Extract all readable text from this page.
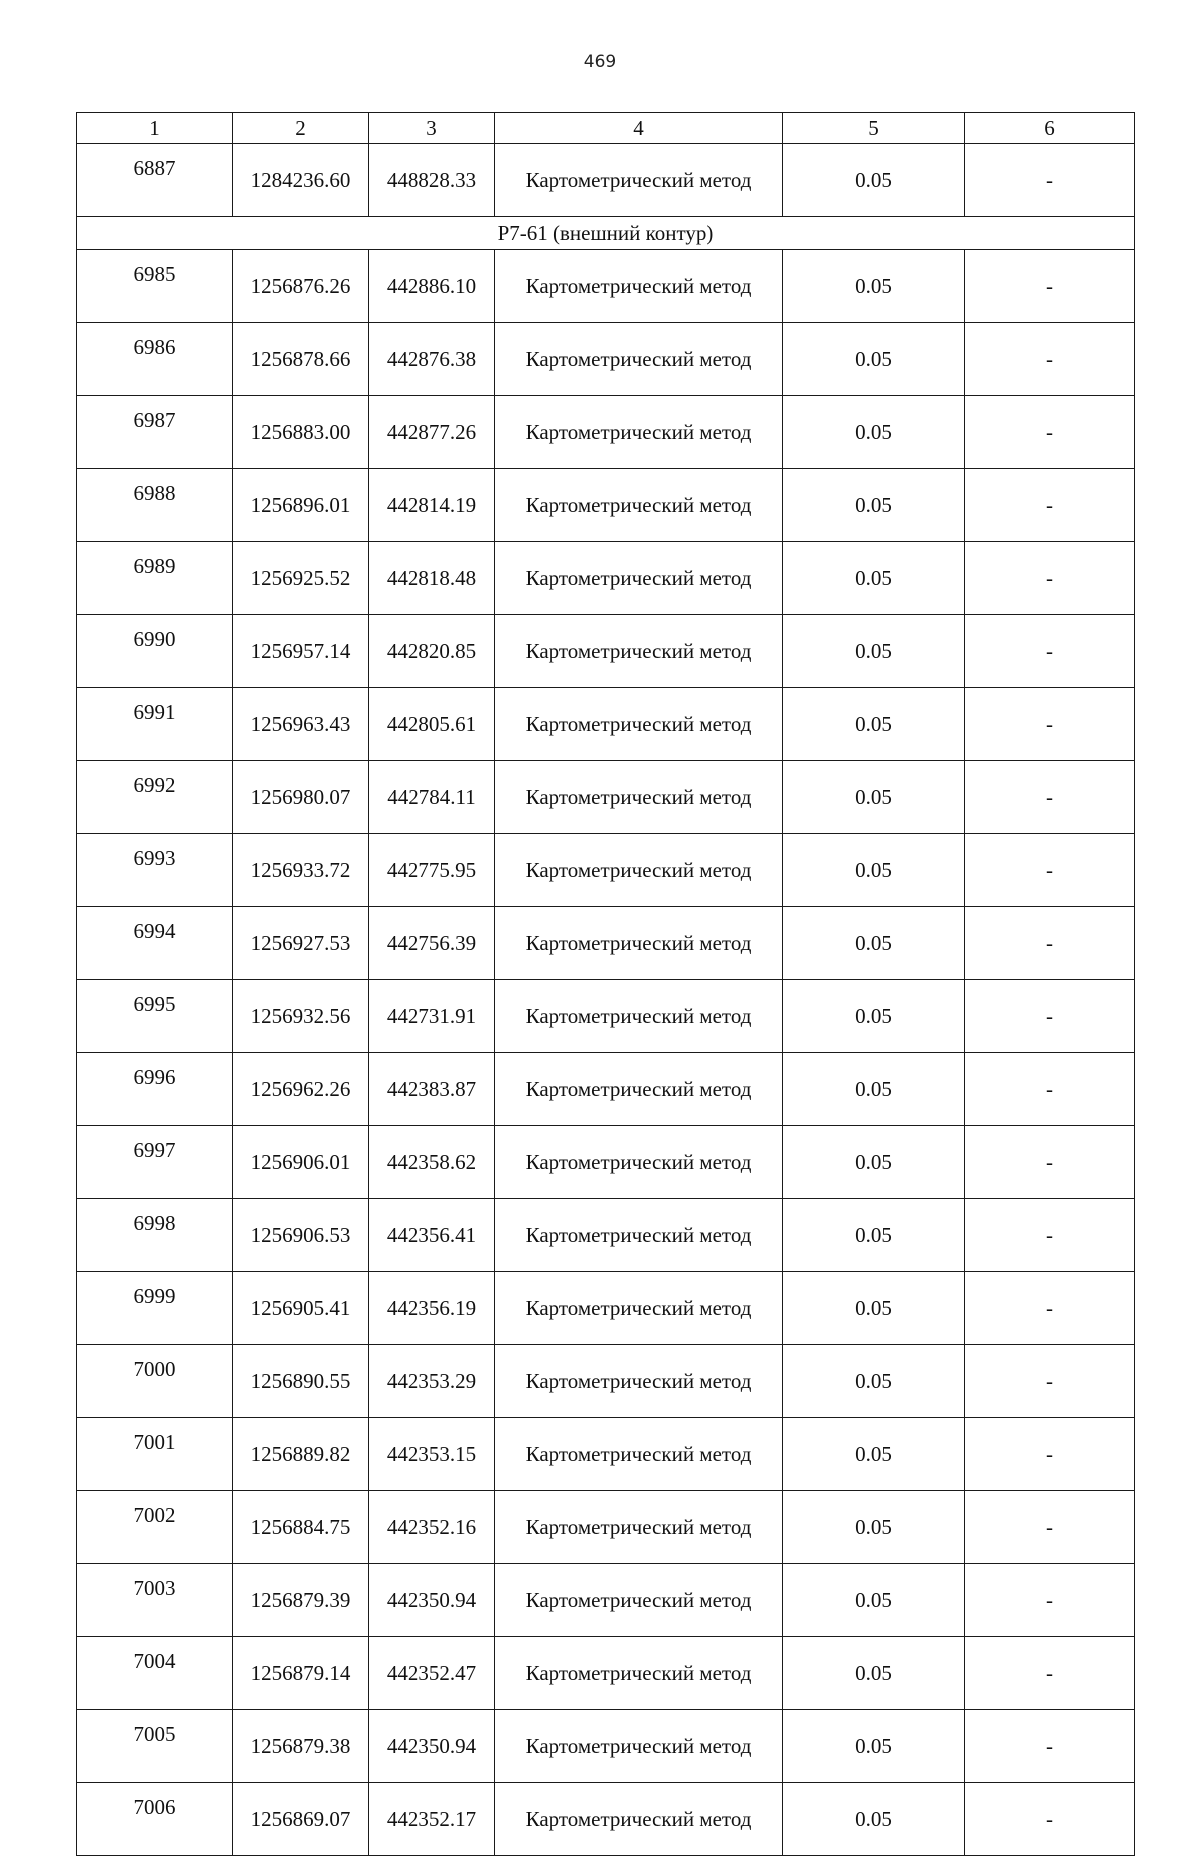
469
1	2	3	4	5	6
6887	1284236.60	448828.33	Картометрический метод	0.05	-
Р7-61 (внешний контур)					
6985	1256876.26	442886.10	Картометрический метод	0.05	-
6986	1256878.66	442876.38	Картометрический метод	0.05	-
6987	1256883.00	442877.26	Картометрический метод	0.05	-
6988	1256896.01	442814.19	Картометрический метод	0.05	-
6989	1256925.52	442818.48	Картометрический метод	0.05	-
6990	1256957.14	442820.85	Картометрический метод	0.05	-
6991	1256963.43	442805.61	Картометрический метод	0.05	-
6992	1256980.07	442784.11	Картометрический метод	0.05	-
6993	1256933.72	442775.95	Картометрический метод	0.05	-
6994	1256927.53	442756.39	Картометрический метод	0.05	-
6995	1256932.56	442731.91	Картометрический метод	0.05	-
6996	1256962.26	442383.87	Картометрический метод	0.05	-
6997	1256906.01	442358.62	Картометрический метод	0.05	-
6998	1256906.53	442356.41	Картометрический метод	0.05	-
6999	1256905.41	442356.19	Картометрический метод	0.05	-
7000	1256890.55	442353.29	Картометрический метод	0.05	-
7001	1256889.82	442353.15	Картометрический метод	0.05	-
7002	1256884.75	442352.16	Картометрический метод	0.05	-
7003	1256879.39	442350.94	Картометрический метод	0.05	-
7004	1256879.14	442352.47	Картометрический метод	0.05	-
7005	1256879.38	442350.94	Картометрический метод	0.05	-
7006	1256869.07	442352.17	Картометрический метод	0.05	-
